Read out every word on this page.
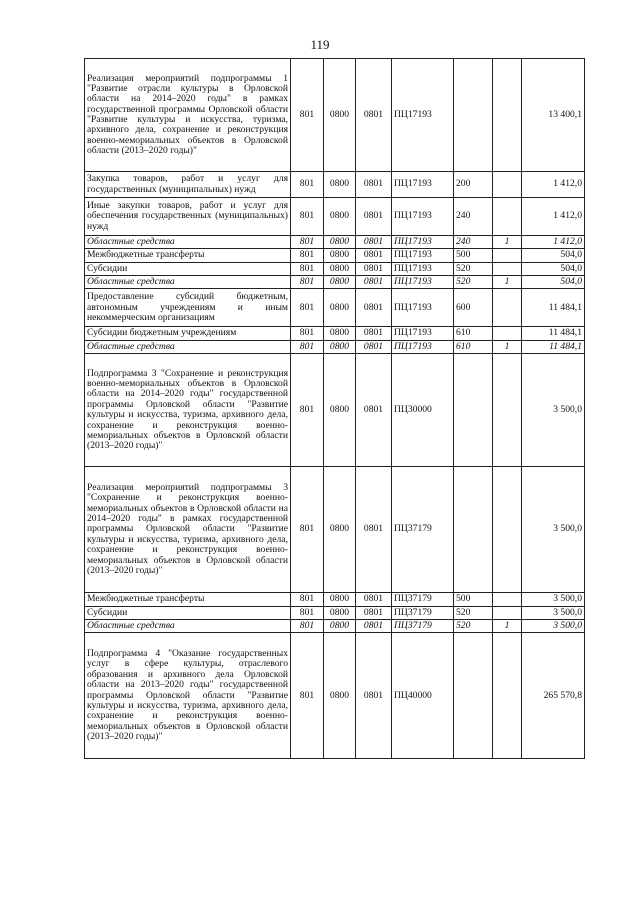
119
Реализация мероприятий подпрограммы 1 "Развитие отрасли культуры в Орловской области на 2014–2020 годы" в рамках государственной программы Орловской области "Развитие культуры и искусства, туризма, архивного дела, сохранение и реконструкция военно-мемориальных объектов в Орловской области (2013–2020 годы)"	801	0800	0801	ПЦ17193			13 400,1
Закупка товаров, работ и услуг для государственных (муниципальных) нужд	801	0800	0801	ПЦ17193	200		1 412,0
Иные закупки товаров, работ и услуг для обеспечения государственных (муниципальных) нужд	801	0800	0801	ПЦ17193	240		1 412,0
Областные средства	801	0800	0801	ПЦ17193	240	1	1 412,0
Межбюджетные трансферты	801	0800	0801	ПЦ17193	500		504,0
Субсидии	801	0800	0801	ПЦ17193	520		504,0
Областные средства	801	0800	0801	ПЦ17193	520	1	504,0
Предоставление субсидий бюджетным, автономным учреждениям и иным некоммерческим организациям	801	0800	0801	ПЦ17193	600		11 484,1
Субсидии бюджетным учреждениям	801	0800	0801	ПЦ17193	610		11 484,1
Областные средства	801	0800	0801	ПЦ17193	610	1	11 484,1
Подпрограмма 3 "Сохранение и реконструкция военно-мемориальных объектов в Орловской области на 2014–2020 годы" государственной программы Орловской области "Развитие культуры и искусства, туризма, архивного дела, сохранение и реконструкция военно-мемориальных объектов в Орловской области (2013–2020 годы)"	801	0800	0801	ПЦ30000			3 500,0
Реализация мероприятий подпрограммы 3 "Сохранение и реконструкция военно-мемориальных объектов в Орловской области на 2014–2020 годы" в рамках государственной программы Орловской области "Развитие культуры и искусства, туризма, архивного дела, сохранение и реконструкция военно-мемориальных объектов в Орловской области (2013–2020 годы)"	801	0800	0801	ПЦ37179			3 500,0
Межбюджетные трансферты	801	0800	0801	ПЦ37179	500		3 500,0
Субсидии	801	0800	0801	ПЦ37179	520		3 500,0
Областные средства	801	0800	0801	ПЦ37179	520	1	3 500,0
Подпрограмма 4 "Оказание государственных услуг в сфере культуры, отраслевого образования и архивного дела Орловской области на 2013–2020 годы" государственной программы Орловской области "Развитие культуры и искусства, туризма, архивного дела, сохранение и реконструкция военно-мемориальных объектов в Орловской области (2013–2020 годы)"	801	0800	0801	ПЦ40000			265 570,8
